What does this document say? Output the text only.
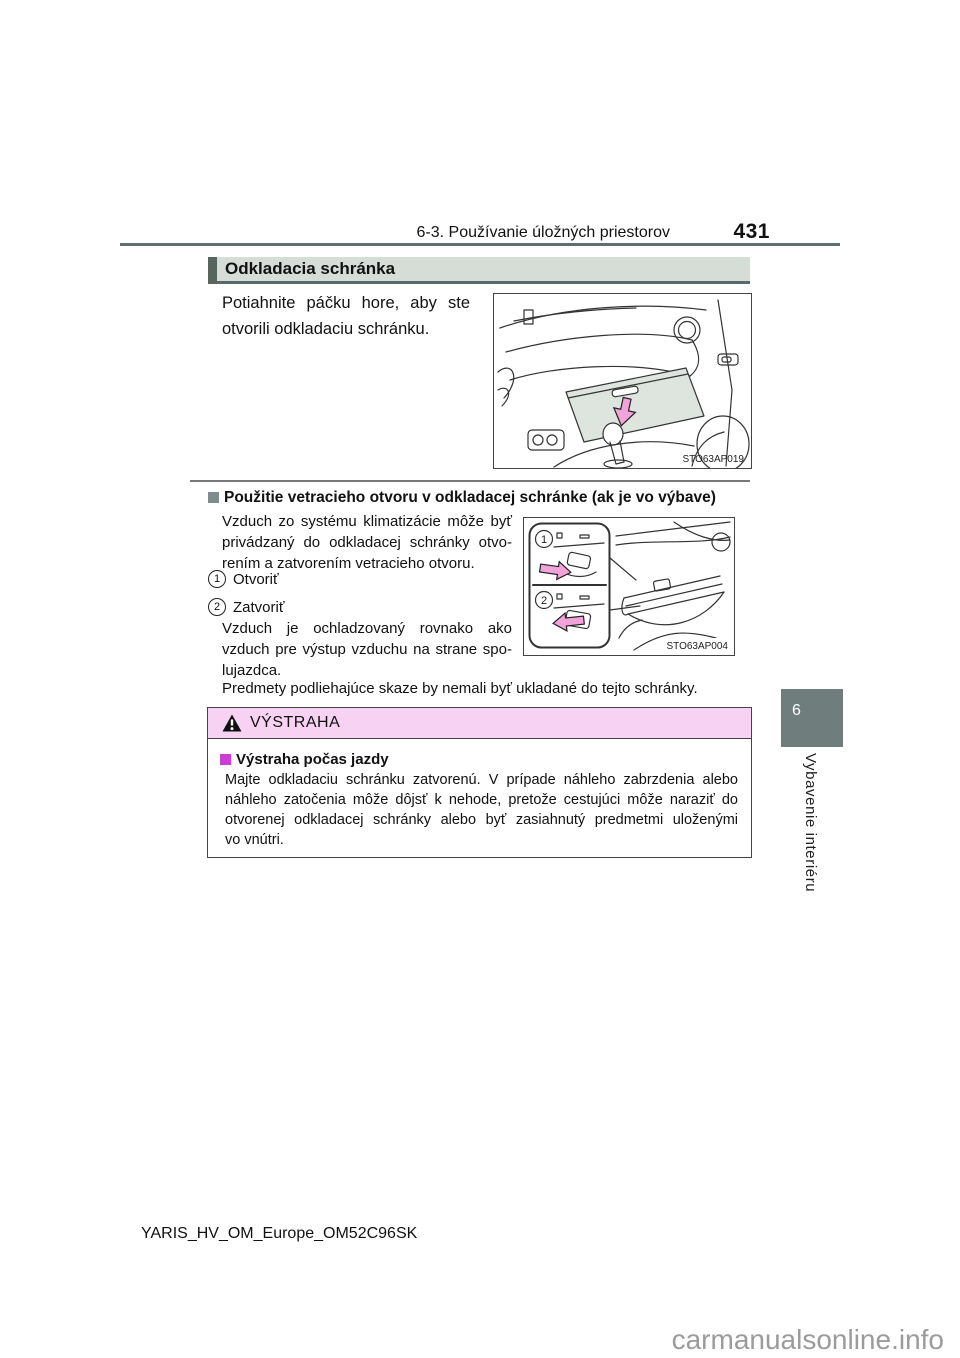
6-3. Používanie úložných priestorov	431
Odkladacia schránka
Potiahnite páčku hore, aby ste
otvorili odkladaciu schránku.
STO63AP019
Použitie vetracieho otvoru v odkladacej schránke (ak je vo výbave)
Vzduch zo systému klimatizácie môže byť
privádzaný do odkladacej schránky otvo-
rením a zatvorením vetracieho otvoru.
1 Otvoriť
2 Zatvoriť
Vzduch je ochladzovaný rovnako ako
vzduch pre výstup vzduchu na strane spo-
lujazdca.
Predmety podliehajúce skaze by nemali byť ukladané do tejto schránky.
1
2
STO63AP004
VÝSTRAHA
Výstraha počas jazdy
Majte odkladaciu schránku zatvorenú. V prípade náhleho zabrzdenia alebo
náhleho zatočenia môže dôjsť k nehode, pretože cestujúci môže naraziť do
otvorenej odkladacej schránky alebo byť zasiahnutý predmetmi uloženými
vo vnútri.
6
Vybavenie interiéru
YARIS_HV_OM_Europe_OM52C96SK
carmanualsonline.info
